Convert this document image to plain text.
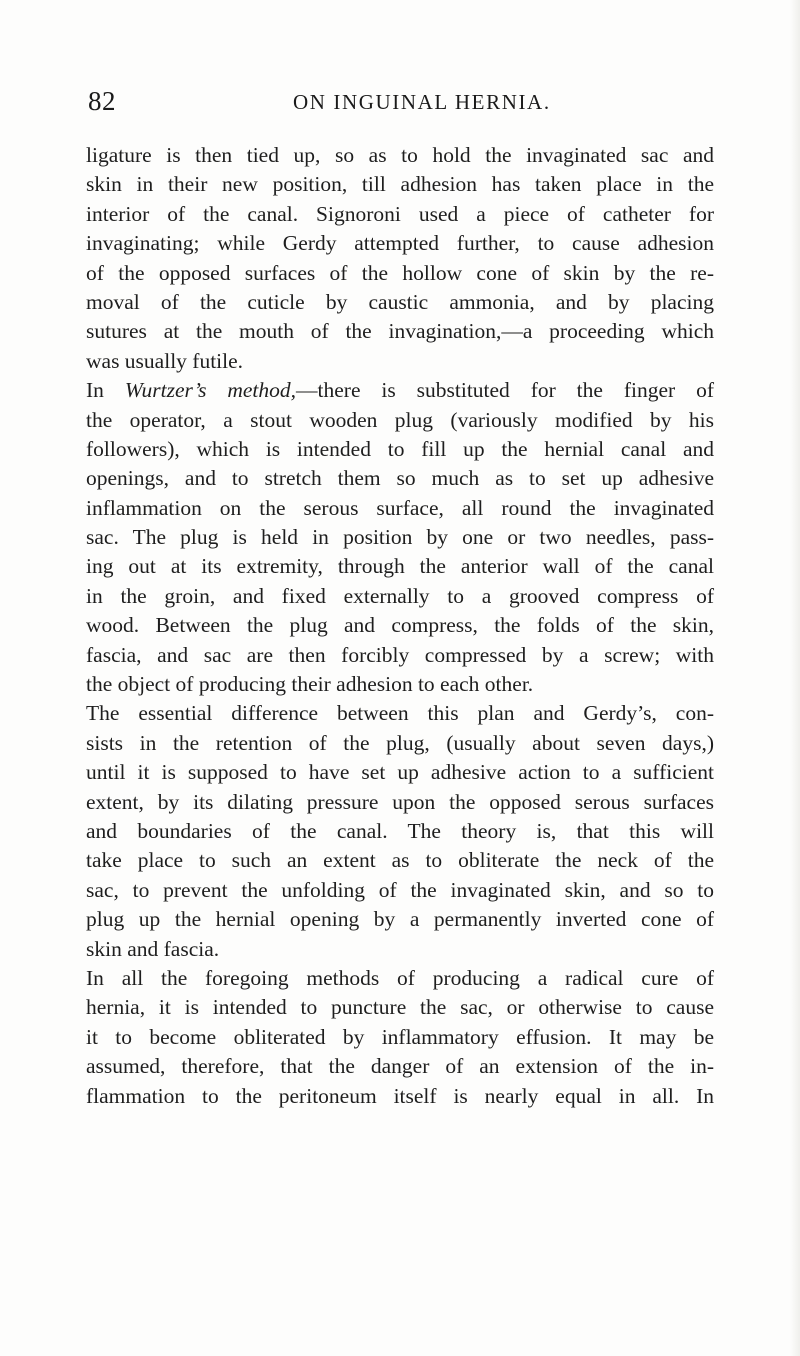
82	ON INGUINAL HERNIA.
ligature is then tied up, so as to hold the invaginated sac and
skin in their new position, till adhesion has taken place in the
interior of the canal. Signoroni used a piece of catheter for
invaginating; while Gerdy attempted further, to cause adhesion
of the opposed surfaces of the hollow cone of skin by the re-
moval of the cuticle by caustic ammonia, and by placing
sutures at the mouth of the invagination,—a proceeding which
was usually futile.
In Wurtzer’s method,—there is substituted for the finger of
the operator, a stout wooden plug (variously modified by his
followers), which is intended to fill up the hernial canal and
openings, and to stretch them so much as to set up adhesive
inflammation on the serous surface, all round the invaginated
sac. The plug is held in position by one or two needles, pass-
ing out at its extremity, through the anterior wall of the canal
in the groin, and fixed externally to a grooved compress of
wood. Between the plug and compress, the folds of the skin,
fascia, and sac are then forcibly compressed by a screw; with
the object of producing their adhesion to each other.
The essential difference between this plan and Gerdy’s, con-
sists in the retention of the plug, (usually about seven days,)
until it is supposed to have set up adhesive action to a sufficient
extent, by its dilating pressure upon the opposed serous surfaces
and boundaries of the canal. The theory is, that this will
take place to such an extent as to obliterate the neck of the
sac, to prevent the unfolding of the invaginated skin, and so to
plug up the hernial opening by a permanently inverted cone of
skin and fascia.
In all the foregoing methods of producing a radical cure of
hernia, it is intended to puncture the sac, or otherwise to cause
it to become obliterated by inflammatory effusion. It may be
assumed, therefore, that the danger of an extension of the in-
flammation to the peritoneum itself is nearly equal in all. In
